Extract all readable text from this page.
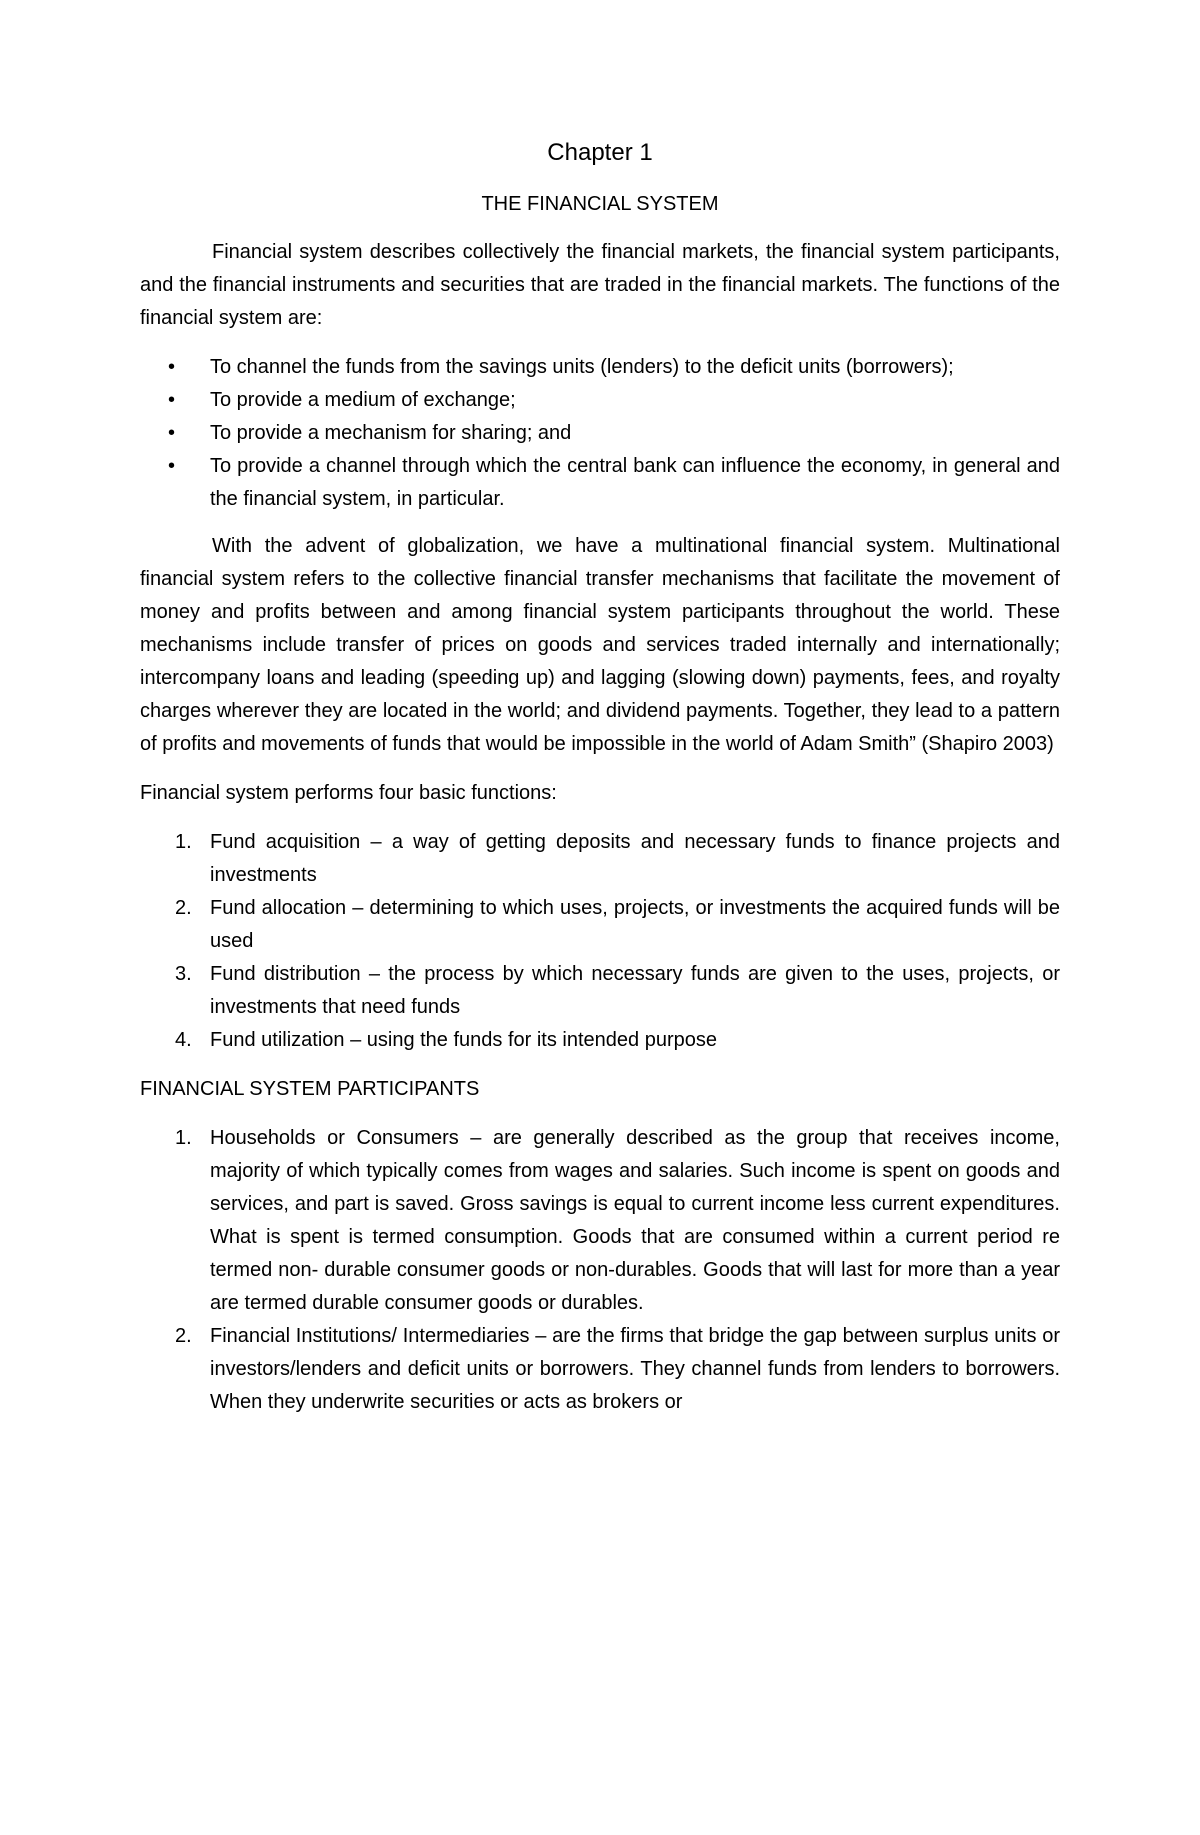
Chapter 1
THE FINANCIAL SYSTEM

Financial system describes collectively the financial markets, the financial system participants, and the financial instruments and securities that are traded in the financial markets. The functions of the financial system are:

• To channel the funds from the savings units (lenders) to the deficit units (borrowers);
• To provide a medium of exchange;
• To provide a mechanism for sharing; and
• To provide a channel through which the central bank can influence the economy, in general and the financial system, in particular.

With the advent of globalization, we have a multinational financial system. Multinational financial system refers to the collective financial transfer mechanisms that facilitate the movement of money and profits between and among financial system participants throughout the world. These mechanisms include transfer of prices on goods and services traded internally and internationally; intercompany loans and leading (speeding up) and lagging (slowing down) payments, fees, and royalty charges wherever they are located in the world; and dividend payments. Together, they lead to a pattern of profits and movements of funds that would be impossible in the world of Adam Smith” (Shapiro 2003)

Financial system performs four basic functions:

1. Fund acquisition – a way of getting deposits and necessary funds to finance projects and investments
2. Fund allocation – determining to which uses, projects, or investments the acquired funds will be used
3. Fund distribution – the process by which necessary funds are given to the uses, projects, or investments that need funds
4. Fund utilization – using the funds for its intended purpose
FINANCIAL SYSTEM PARTICIPANTS
1. Households or Consumers – are generally described as the group that receives income, majority of which typically comes from wages and salaries. Such income is spent on goods and services, and part is saved. Gross savings is equal to current income less current expenditures. What is spent is termed consumption. Goods that are consumed within a current period re termed non- durable consumer goods or non-durables. Goods that will last for more than a year are termed durable consumer goods or durables.
2. Financial Institutions/ Intermediaries – are the firms that bridge the gap between surplus units or investors/lenders and deficit units or borrowers. They channel funds from lenders to borrowers. When they underwrite securities or acts as brokers or
